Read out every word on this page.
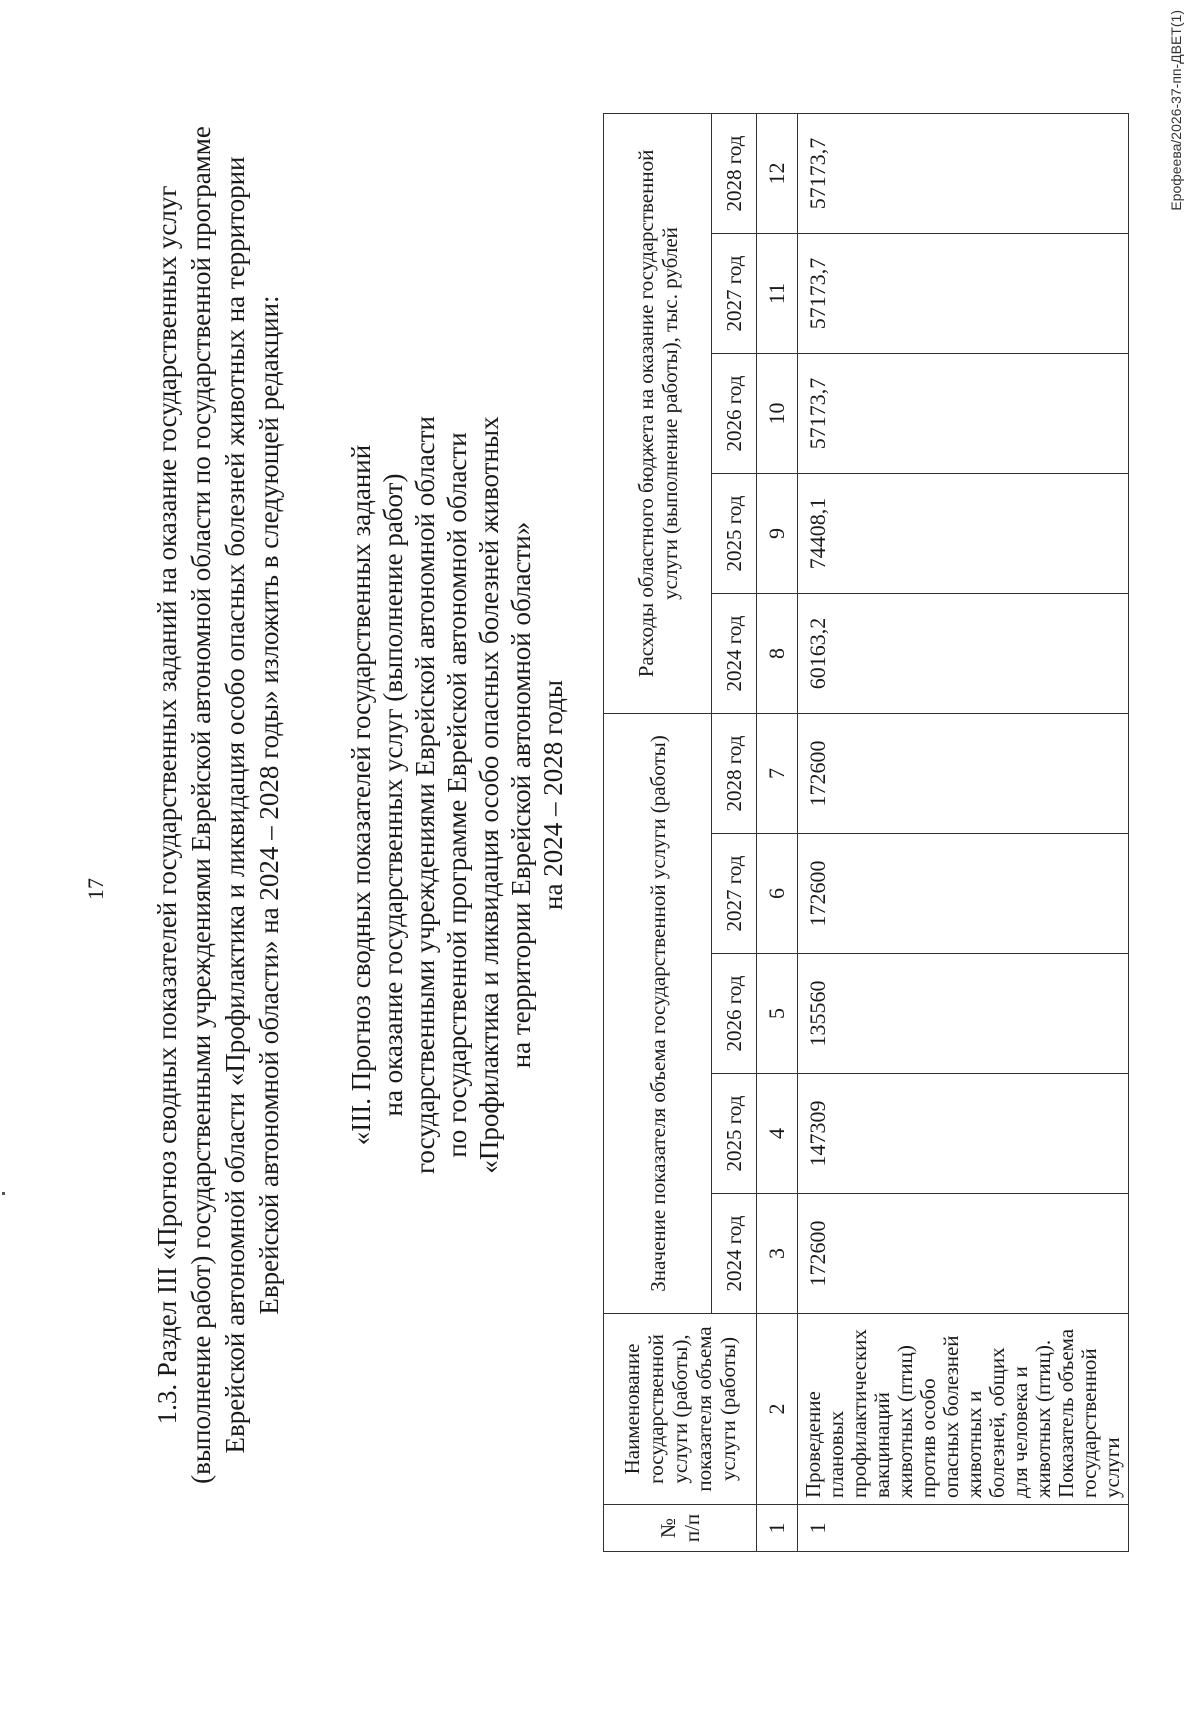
17 1.3. Раздел III «Прогноз сводных показателей государственных заданий на оказание государственных услуг (выполнение работ) государственными учреждениями Еврейской автономной области по государственной программе Еврейской автономной области «Профилактика и ликвидация особо опасных болезней животных на территории Еврейской автономной области» на 2024 – 2028 годы» изложить в следующей редакции: «III. Прогноз сводных показателей государственных заданий на оказание государственных услуг (выполнение работ) государственными учреждениями Еврейской автономной области по государственной программе Еврейской автономной области «Профилактика и ликвидация особо опасных болезней животных на территории Еврейской автономной области» на 2024 – 2028 годы
№ п/п	Наименование государственной услуги (работы), показателя объема услуги (работы)	Значение показателя объема государственной услуги (работы)					Расходы областного бюджета на оказание государственной услуги (выполнение работы), тыс. рублей				
		2024 год	2025 год	2026 год	2027 год	2028 год	2024 год	2025 год	2026 год	2027 год	2028 год
1	2	3	4	5	6	7	8	9	10	11	12
1	Проведение плановых профилактических вакцинаций животных (птиц) против особо опасных болезней животных и болезней, общих для человека и животных (птиц). Показатель объема государственной услуги	172600	147309	135560	172600	172600	60163,2	74408,1	57173,7	57173,7	57173,7	Ерофеева/2026-37-пп-ДВЕТ(1)
